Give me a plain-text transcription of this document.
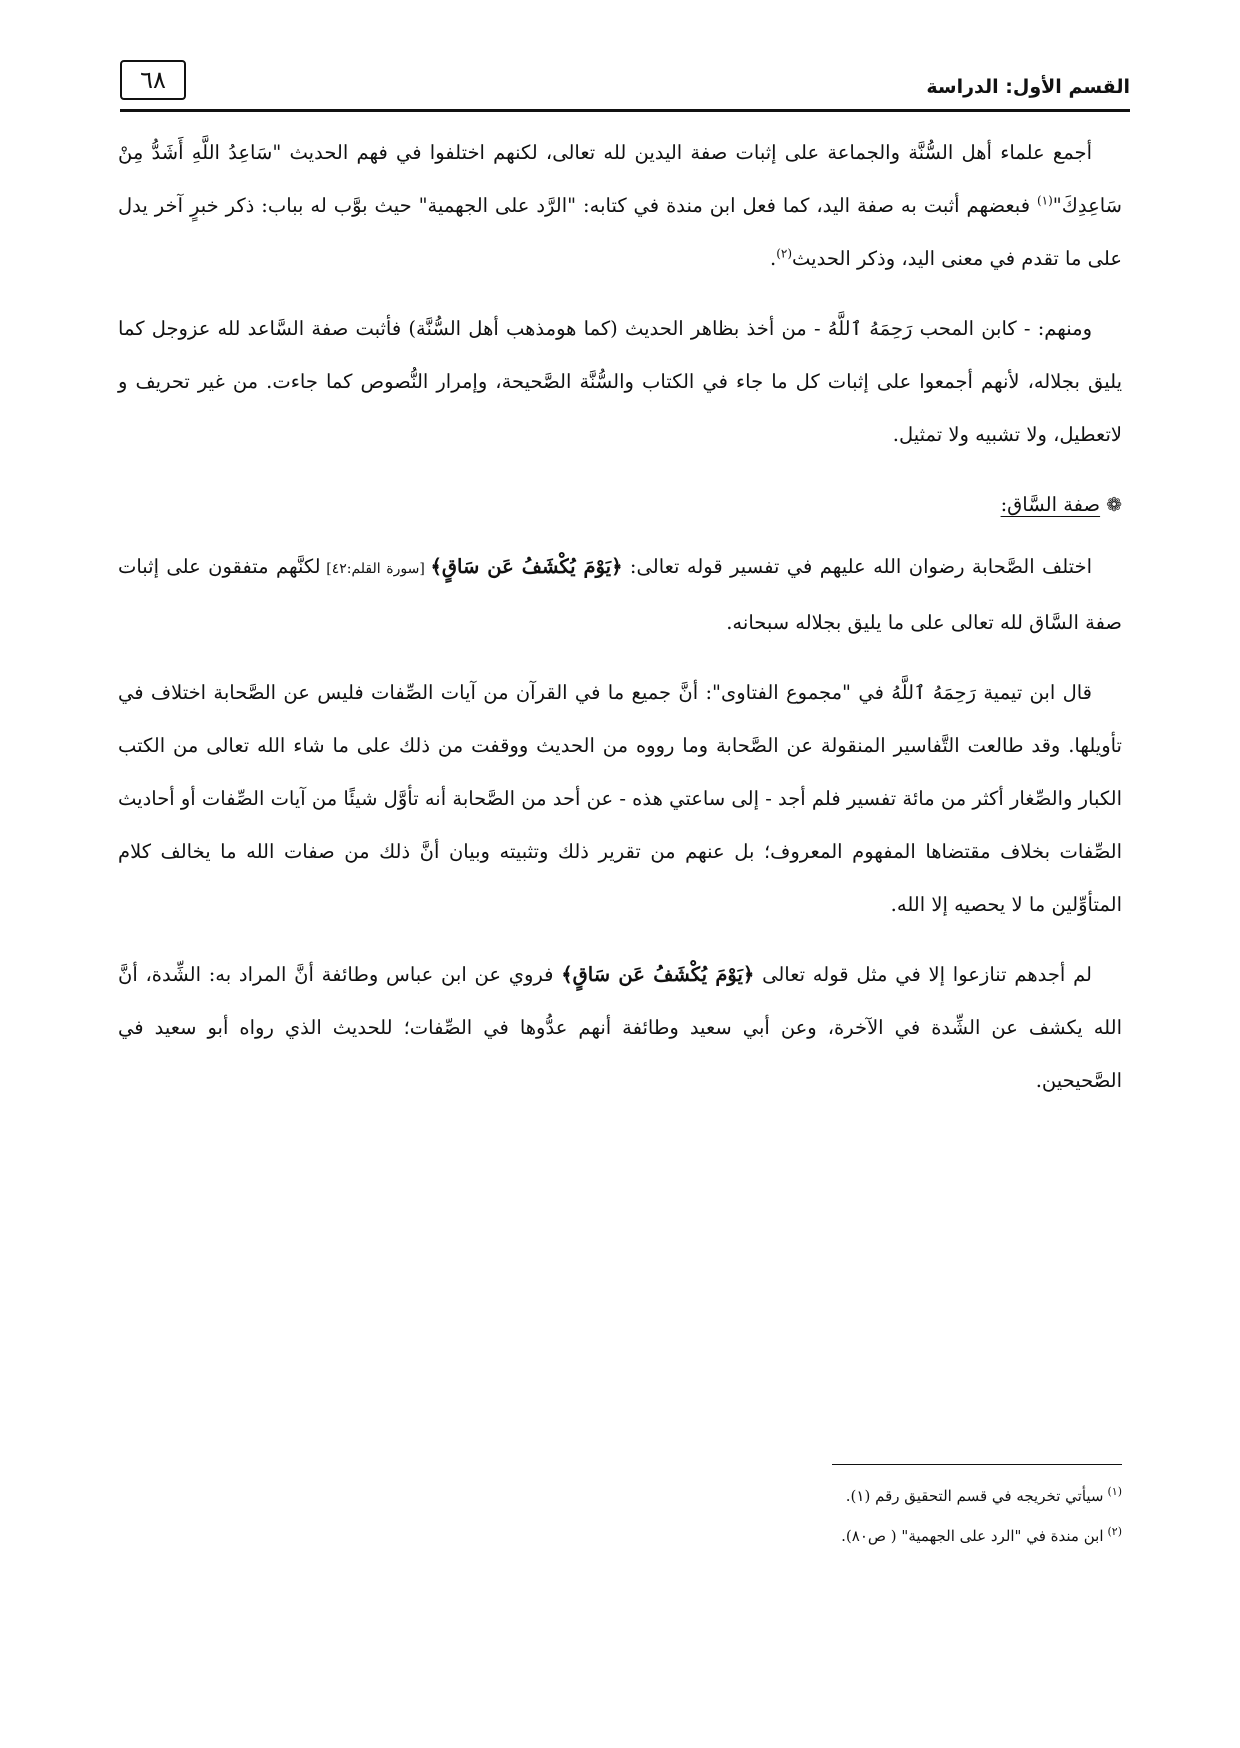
القسم الأول: الدراسة
٦٨

أجمع علماء أهل السُّنَّة والجماعة على إثبات صفة اليدين لله تعالى، لكنهم اختلفوا في فهم الحديث "سَاعِدُ اللَّهِ أَشَدُّ مِنْ سَاعِدِكَ"$^{(١)}$ فبعضهم أثبت به صفة اليد، كما فعل ابن مندة في كتابه: "الرَّد على الجهمية" حيث بوَّب له بباب: ذكر خبرٍ آخر يدل على ما تقدم في معنى اليد، وذكر الحديث$^{(٢)}$.

ومنهم: - كابن المحب رَحِمَهُ ٱللَّهُ - من أخذ بظاهر الحديث (كما هومذهب أهل السُّنَّة) فأثبت صفة السَّاعد لله عزوجل كما يليق بجلاله، لأنهم أجمعوا على إثبات كل ما جاء في الكتاب والسُّنَّة الصَّحيحة، وإمرار النُّصوص كما جاءت. من غير تحريف و لاتعطيل، ولا تشبيه ولا تمثيل.

❁صفة السَّاق:

اختلف الصَّحابة رضوان الله عليهم في تفسير قوله تعالى: ﴿يَوْمَ يُكْشَفُ عَن سَاقٍ﴾ [سورة القلم:٤٢] لكنَّهم متفقون على إثبات صفة السَّاق لله تعالى على ما يليق بجلاله سبحانه.

قال ابن تيمية رَحِمَهُ ٱللَّهُ في "مجموع الفتاوى": أنَّ جميع ما في القرآن من آيات الصِّفات فليس عن الصَّحابة اختلاف في تأويلها. وقد طالعت التَّفاسير المنقولة عن الصَّحابة وما رووه من الحديث ووقفت من ذلك على ما شاء الله تعالى من الكتب الكبار والصِّغار أكثر من مائة تفسير فلم أجد - إلى ساعتي هذه - عن أحد من الصَّحابة أنه تأوَّل شيئًا من آيات الصِّفات أو أحاديث الصِّفات بخلاف مقتضاها المفهوم المعروف؛ بل عنهم من تقرير ذلك وتثبيته وبيان أنَّ ذلك من صفات الله ما يخالف كلام المتأوِّلين ما لا يحصيه إلا الله.

لم أجدهم تنازعوا إلا في مثل قوله تعالى ﴿يَوْمَ يُكْشَفُ عَن سَاقٍ﴾ فروي عن ابن عباس وطائفة أنَّ المراد به: الشِّدة، أنَّ الله يكشف عن الشِّدة في الآخرة، وعن أبي سعيد وطائفة أنهم عدُّوها في الصِّفات؛ للحديث الذي رواه أبو سعيد في الصَّحيحين.

$^{(١)}$سيأتي تخريجه في قسم التحقيق رقم (١).

$^{(٢)}$ابن مندة في "الرد على الجهمية" ( ص٨٠).
